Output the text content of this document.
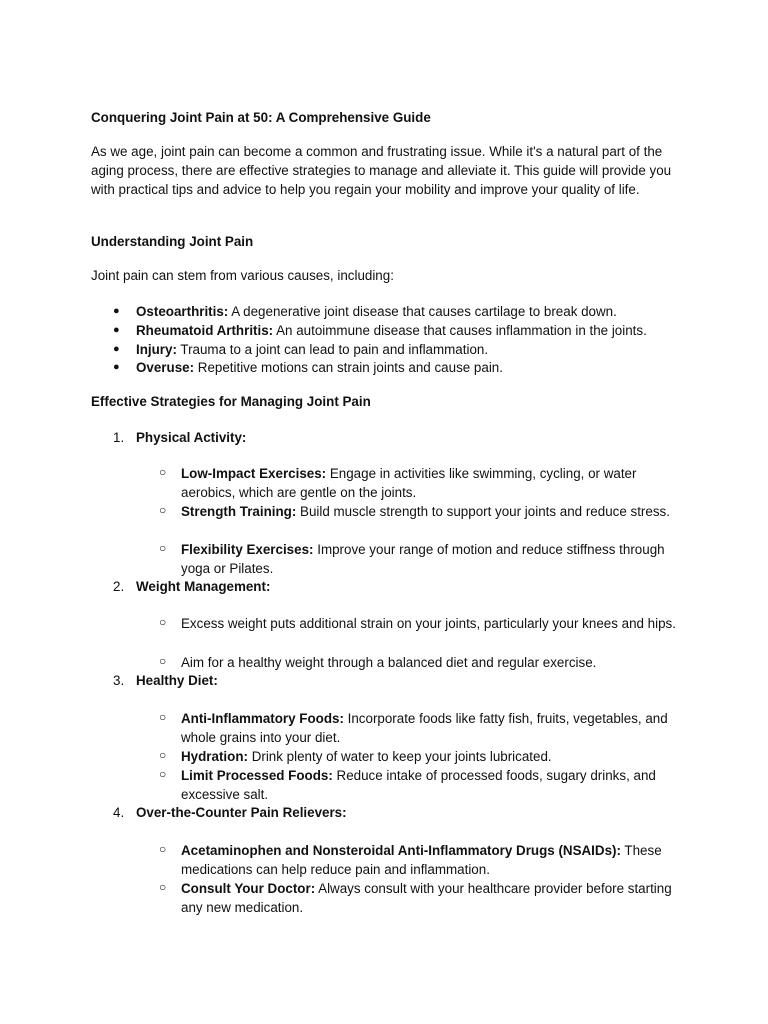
Conquering Joint Pain at 50: A Comprehensive Guide

As we age, joint pain can become a common and frustrating issue. While it's a natural part of the aging process, there are effective strategies to manage and alleviate it. This guide will provide you with practical tips and advice to help you regain your mobility and improve your quality of life.

Understanding Joint Pain

Joint pain can stem from various causes, including:

● Osteoarthritis: A degenerative joint disease that causes cartilage to break down.
● Rheumatoid Arthritis: An autoimmune disease that causes inflammation in the joints.
● Injury: Trauma to a joint can lead to pain and inflammation.
● Overuse: Repetitive motions can strain joints and cause pain.

Effective Strategies for Managing Joint Pain

1. Physical Activity:
○ Low-Impact Exercises: Engage in activities like swimming, cycling, or water aerobics, which are gentle on the joints.
○ Strength Training: Build muscle strength to support your joints and reduce stress.
○ Flexibility Exercises: Improve your range of motion and reduce stiffness through yoga or Pilates.
2. Weight Management:
○ Excess weight puts additional strain on your joints, particularly your knees and hips.
○ Aim for a healthy weight through a balanced diet and regular exercise.
3. Healthy Diet:
○ Anti-Inflammatory Foods: Incorporate foods like fatty fish, fruits, vegetables, and whole grains into your diet.
○ Hydration: Drink plenty of water to keep your joints lubricated.
○ Limit Processed Foods: Reduce intake of processed foods, sugary drinks, and excessive salt.
4. Over-the-Counter Pain Relievers:
○ Acetaminophen and Nonsteroidal Anti-Inflammatory Drugs (NSAIDs): These medications can help reduce pain and inflammation.
○ Consult Your Doctor: Always consult with your healthcare provider before starting any new medication.
